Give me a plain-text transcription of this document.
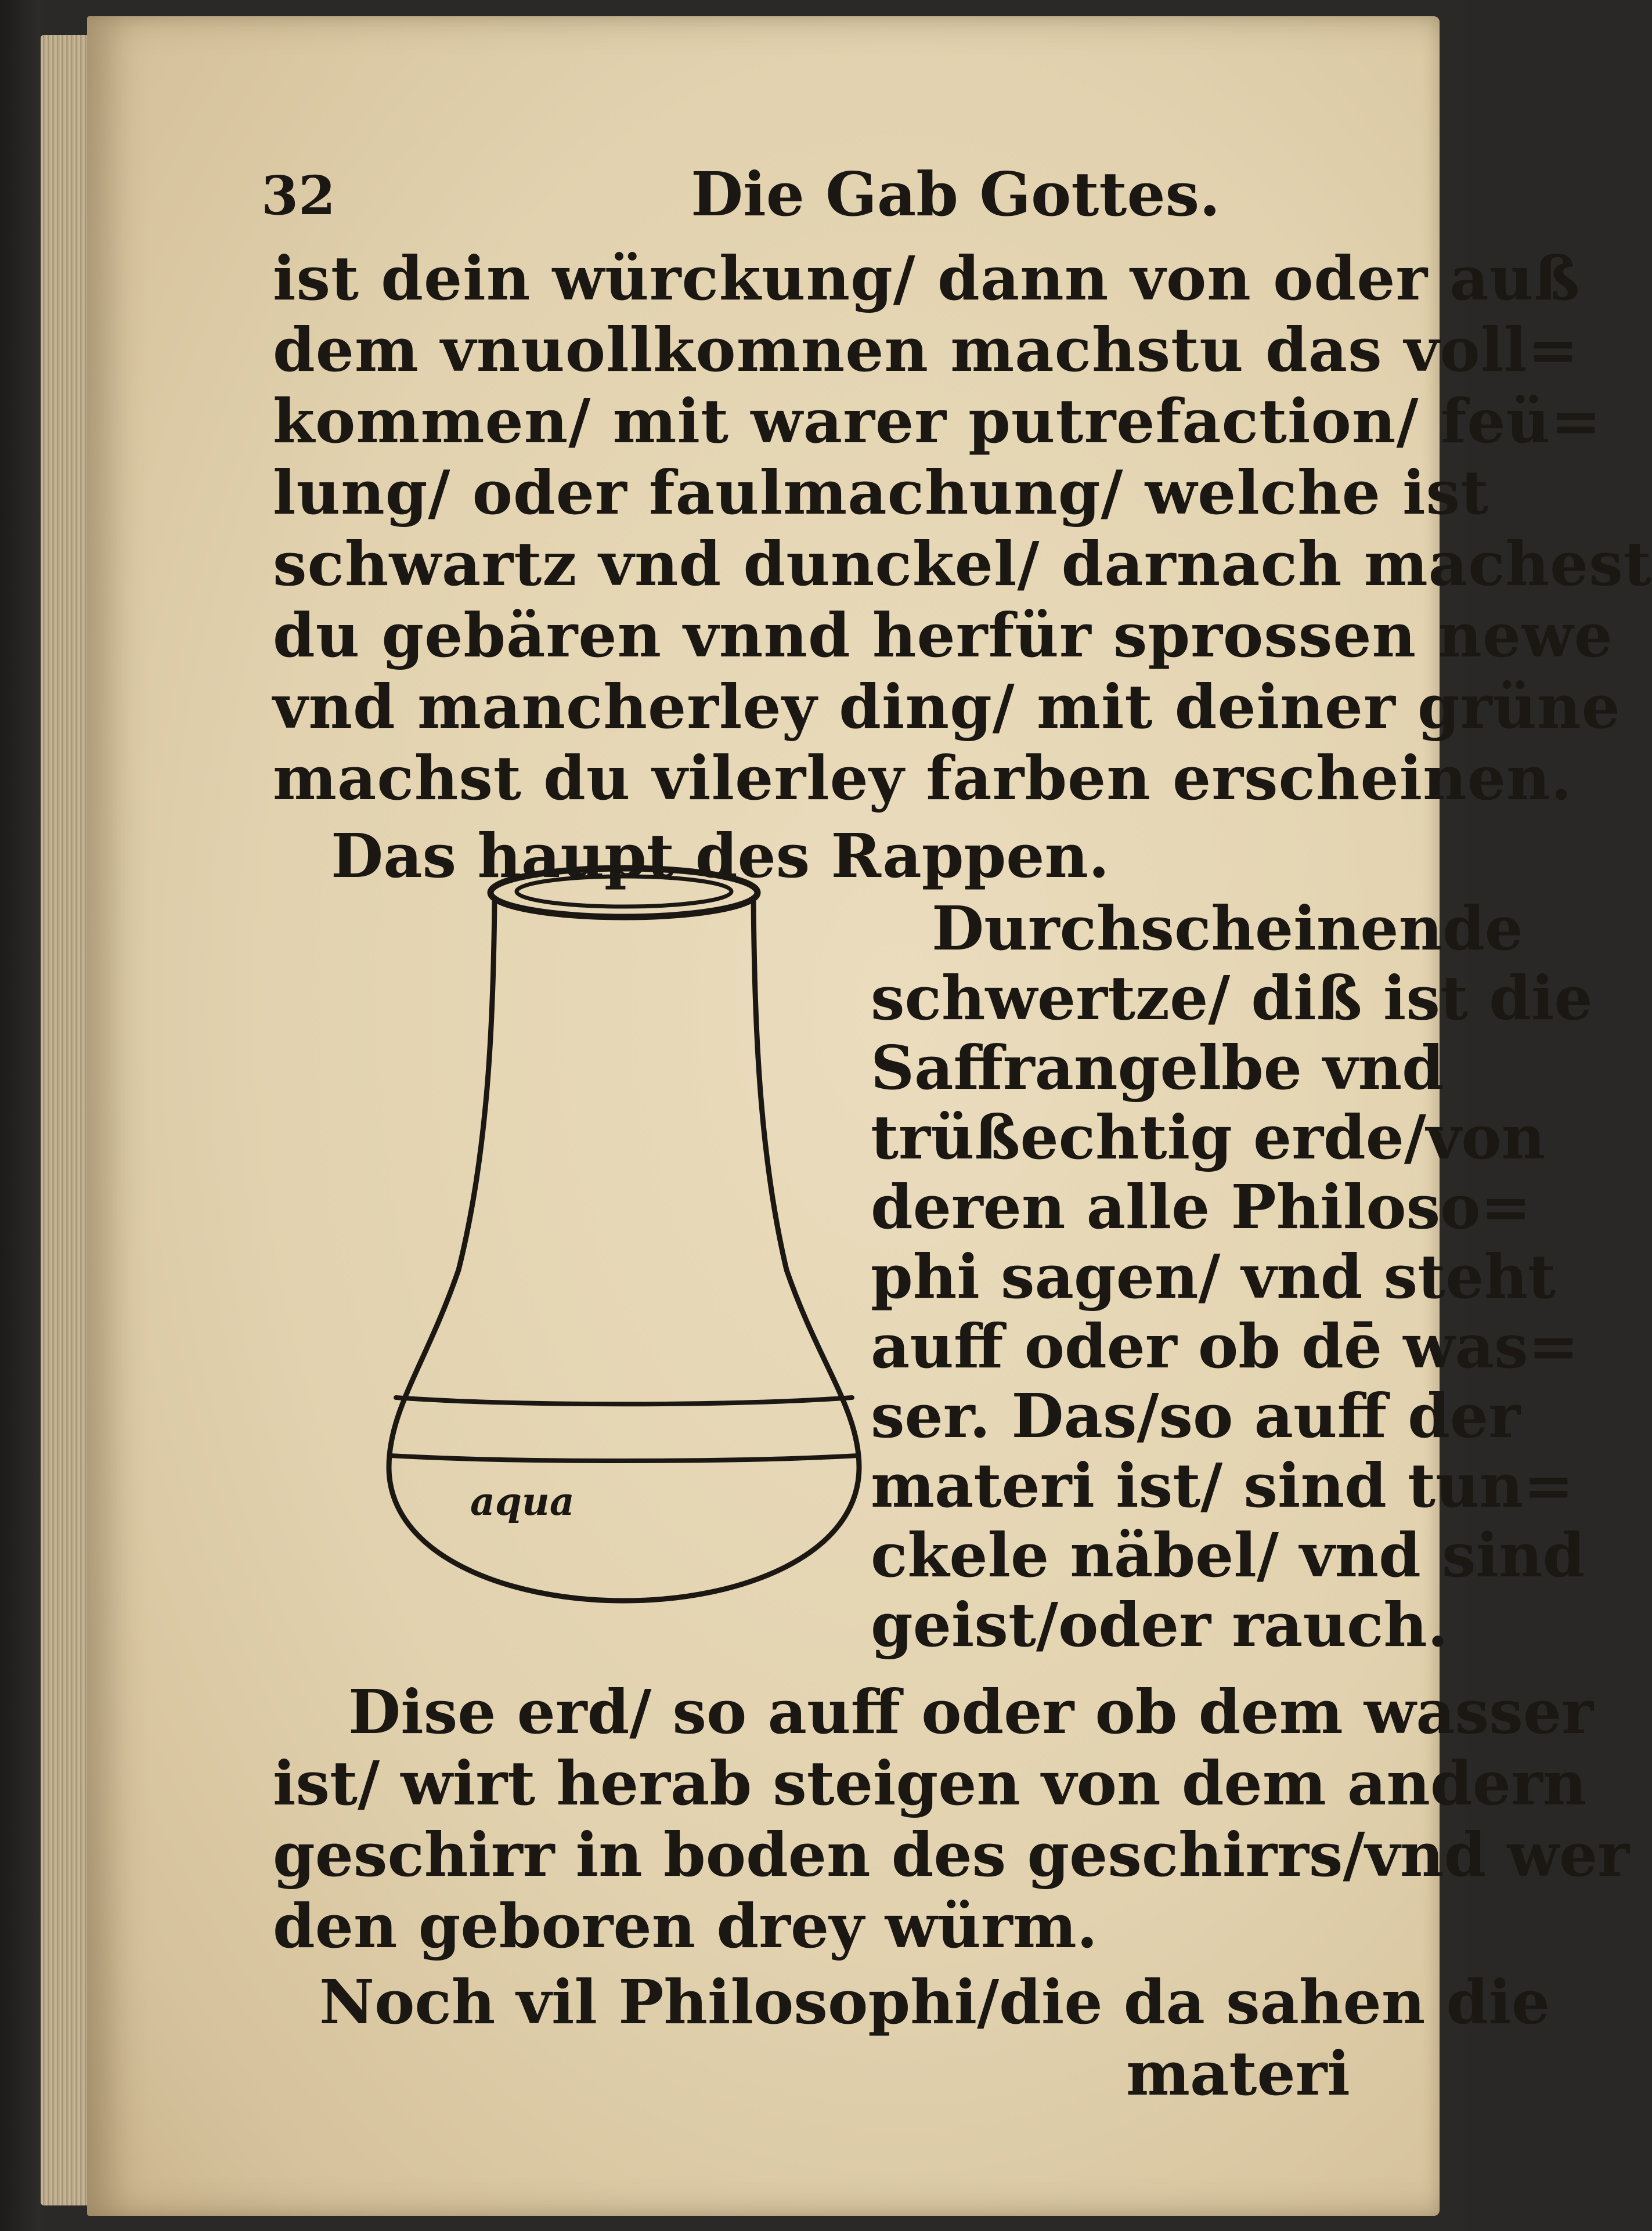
32	Die Gab Gottes.

ist dein würckung/ dann von oder auß

dem vnuollkomnen machstu das voll=

kommen/ mit warer putrefaction/ feü=

lung/ oder faulmachung/ welche ist

schwartz vnd dunckel/ darnach machest

du gebären vnnd herfür sprossen newe

vnd mancherley ding/ mit deiner grüne

machst du vilerley farben erscheinen.

Das haupt des Rappen.

aqua

Durchscheinende

schwertze/ diß ist die

Saffrangelbe vnd

trüßechtig erde/von

deren alle Philoso=

phi sagen/ vnd steht

auff oder ob dē was=

ser. Das/so auff der

materi ist/ sind tun=

ckele näbel/ vnd sind

geist/oder rauch.

Dise erd/ so auff oder ob dem wasser

ist/ wirt herab steigen von dem andern

geschirr in boden des geschirrs/vnd wer

den geboren drey würm.

Noch vil Philosophi/die da sahen die

materi
